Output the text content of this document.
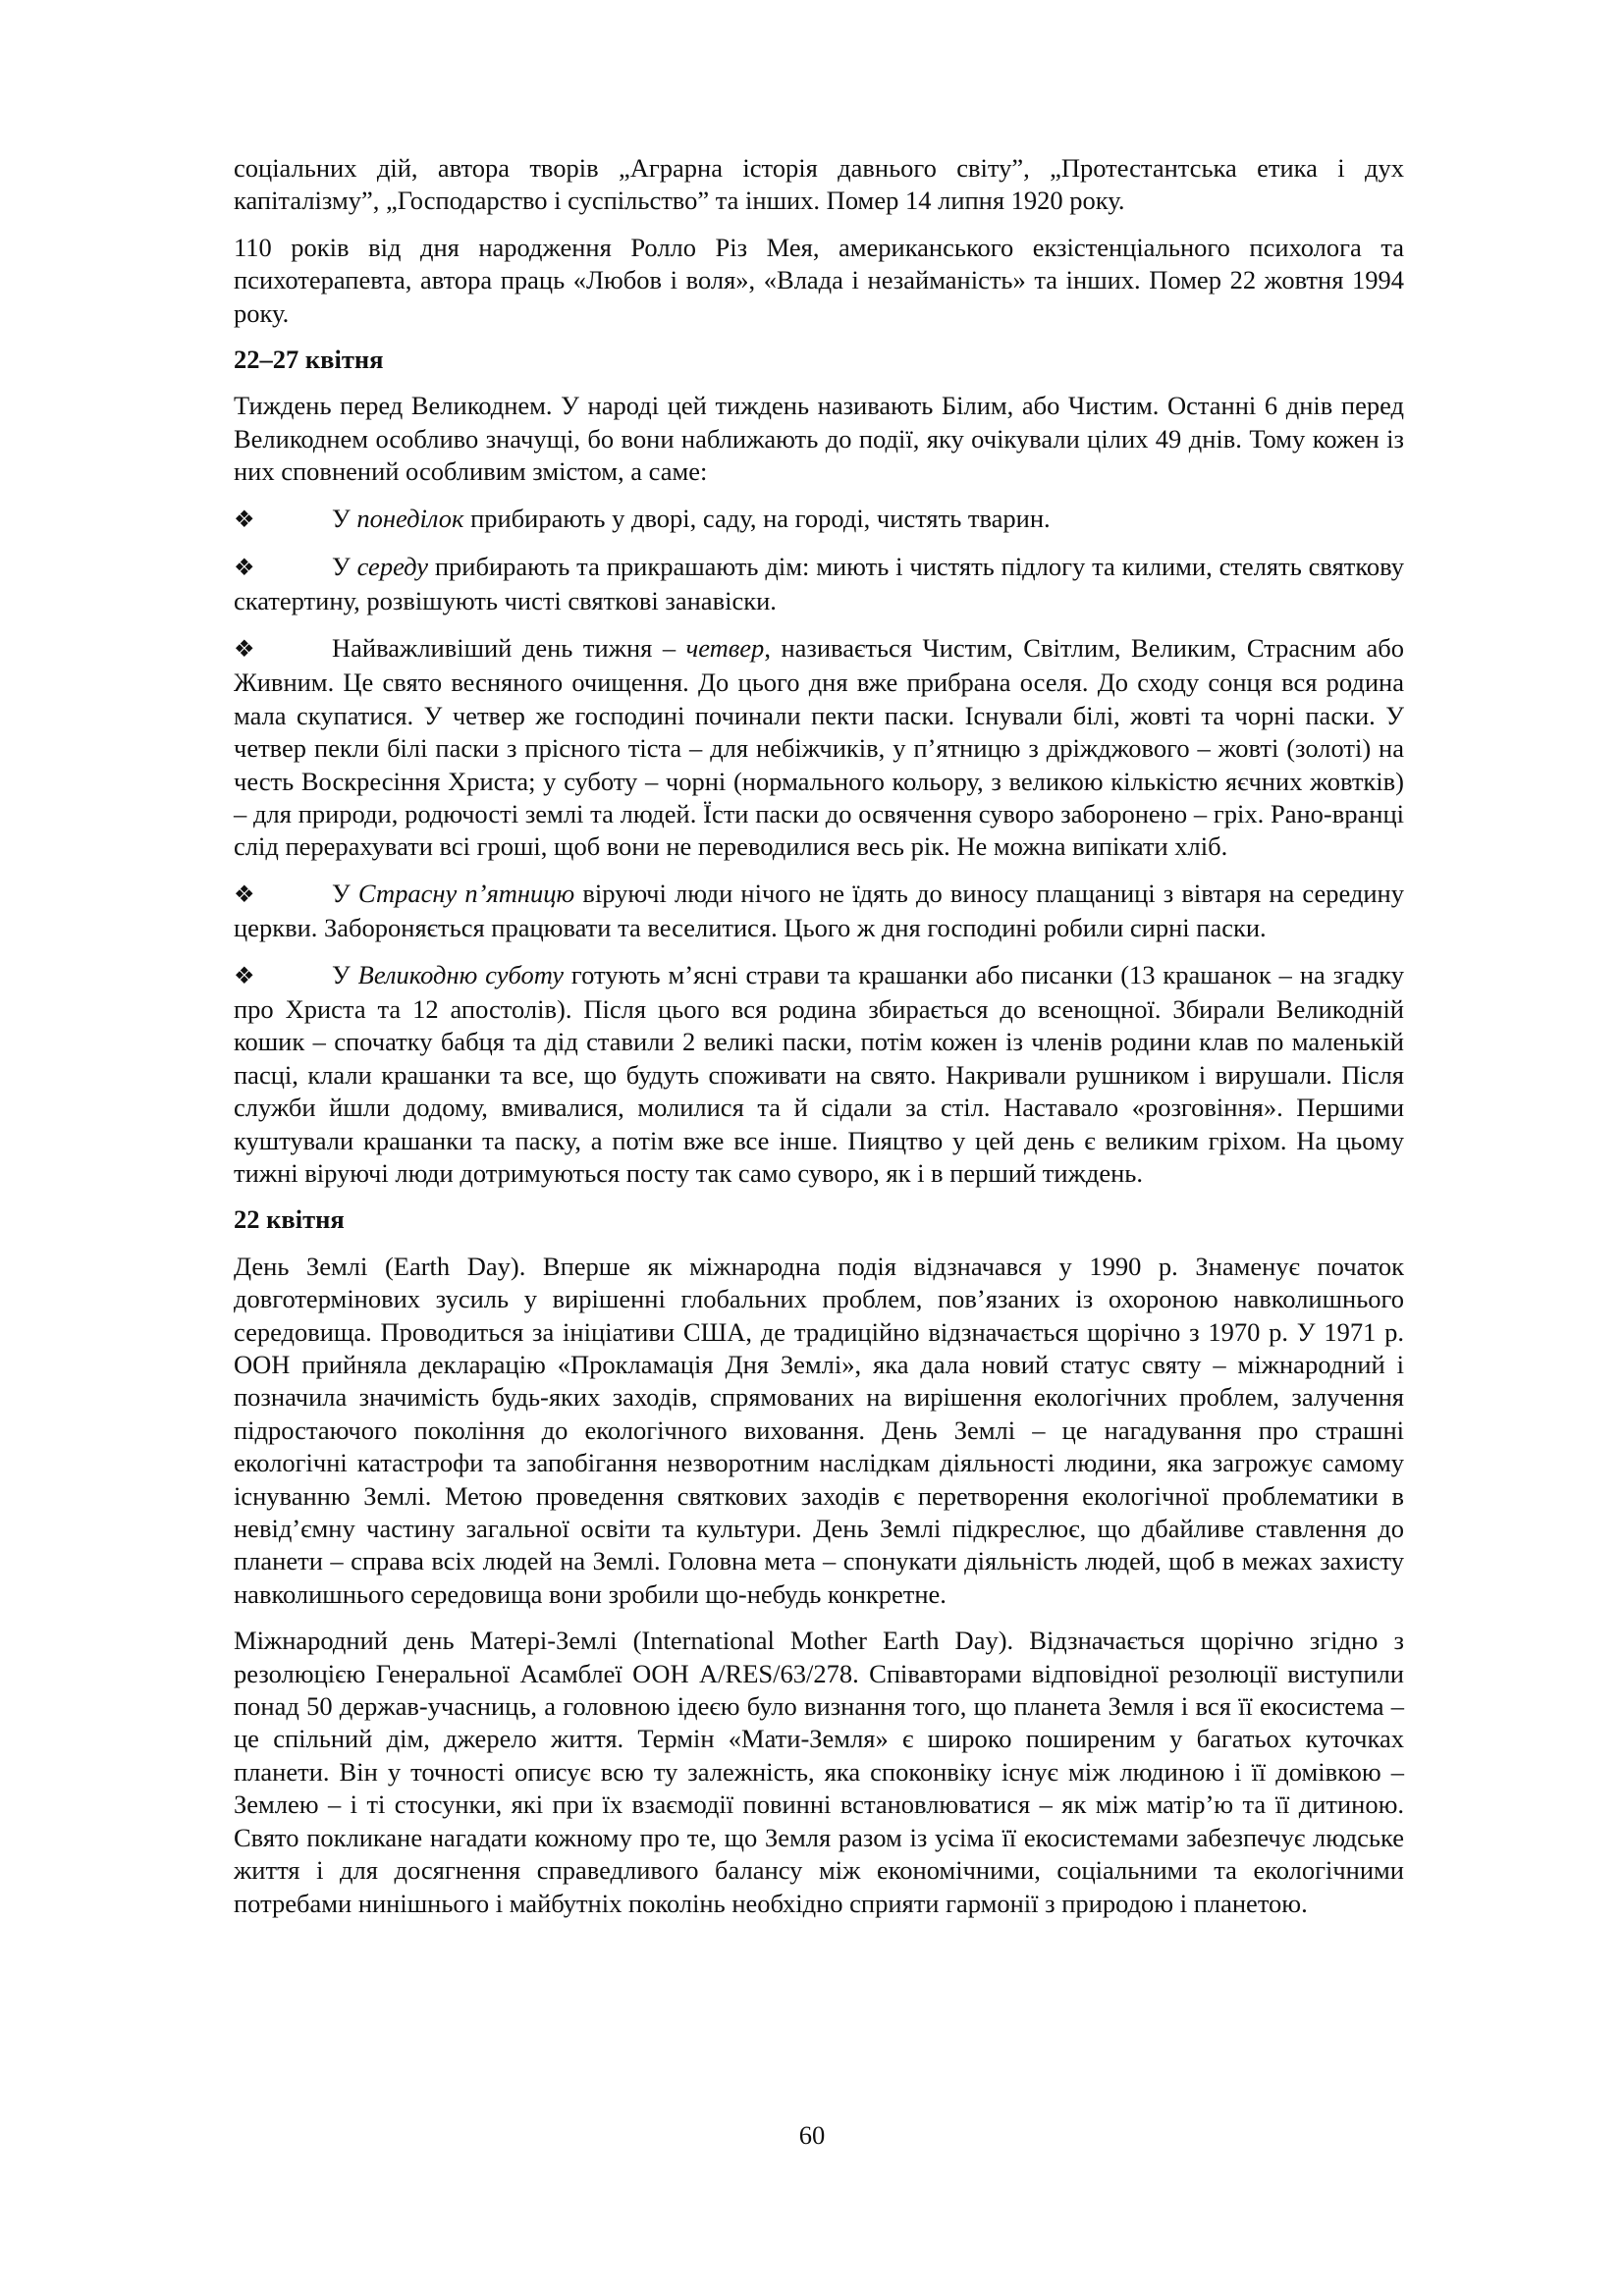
соціальних дій, автора творів „Аграрна історія давнього світу”, „Протестантська етика і дух капіталізму”, „Господарство і суспільство” та інших. Помер 14 липня 1920 року.

110 років від дня народження Ролло Різ Мея, американського екзістенціального психолога та психотерапевта, автора праць «Любов і воля», «Влада і незайманість» та інших. Помер 22 жовтня 1994 року.

22–27 квітня

Тиждень перед Великоднем. У народі цей тиждень називають Білим, або Чистим. Останні 6 днів перед Великоднем особливо значущі, бо вони наближають до події, яку очікували цілих 49 днів. Тому кожен із них сповнений особливим змістом, а саме:

❖	У понеділок прибирають у дворі, саду, на городі, чистять тварин.
❖	У середу прибирають та прикрашають дім: миють і чистять підлогу та килими, стелять святкову скатертину, розвішують чисті святкові занавіски.
❖	Найважливіший день тижня – четвер, називається Чистим, Світлим, Великим, Страсним або Живним. Це свято весняного очищення. До цього дня вже прибрана оселя. До сходу сонця вся родина мала скупатися. У четвер же господині починали пекти паски. Існували білі, жовті та чорні паски. У четвер пекли білі паски з прісного тіста – для небіжчиків, у п’ятницю з дріжджового – жовті (золоті) на честь Воскресіння Христа; у суботу – чорні (нормального кольору, з великою кількістю яєчних жовтків) – для природи, родючості землі та людей. Їсти паски до освячення суворо заборонено – гріх. Рано-вранці слід перерахувати всі гроші, щоб вони не переводилися весь рік. Не можна випікати хліб.
❖	У Страсну п’ятницю віруючі люди нічого не їдять до виносу плащаниці з вівтаря на середину церкви. Забороняється працювати та веселитися. Цього ж дня господині робили сирні паски.
❖	У Великодню суботу готують м’ясні страви та крашанки або писанки (13 крашанок – на згадку про Христа та 12 апостолів). Після цього вся родина збирається до всенощної. Збирали Великодній кошик – спочатку бабця та дід ставили 2 великі паски, потім кожен із членів родини клав по маленькій пасці, клали крашанки та все, що будуть споживати на свято. Накривали рушником і вирушали. Після служби йшли додому, вмивалися, молилися та й сідали за стіл. Наставало «розговіння». Першими куштували крашанки та паску, а потім вже все інше. Пияцтво у цей день є великим гріхом. На цьому тижні віруючі люди дотримуються посту так само суворо, як і в перший тиждень.
22 квітня

День Землі (Earth Day). Вперше як міжнародна подія відзначався у 1990 р. Знаменує початок довготермінових зусиль у вирішенні глобальних проблем, пов’язаних із охороною навколишнього середовища. Проводиться за ініціативи США, де традиційно відзначається щорічно з 1970 р. У 1971 р. ООН прийняла декларацію «Прокламація Дня Землі», яка дала новий статус святу – міжнародний і позначила значимість будь-яких заходів, спрямованих на вирішення екологічних проблем, залучення підростаючого покоління до екологічного виховання. День Землі – це нагадування про страшні екологічні катастрофи та запобігання незворотним наслідкам діяльності людини, яка загрожує самому існуванню Землі. Метою проведення святкових заходів є перетворення екологічної проблематики в невід’ємну частину загальної освіти та культури. День Землі підкреслює, що дбайливе ставлення до планети – справа всіх людей на Землі. Головна мета – спонукати діяльність людей, щоб в межах захисту навколишнього середовища вони зробили що-небудь конкретне.

Міжнародний день Матері-Землі (International Mother Earth Day). Відзначається щорічно згідно з резолюцією Генеральної Асамблеї ООН A/RES/63/278. Співавторами відповідної резолюції виступили понад 50 держав-учасниць, а головною ідеєю було визнання того, що планета Земля і вся її екосистема – це спільний дім, джерело життя. Термін «Мати-Земля» є широко поширеним у багатьох куточках планети. Він у точності описує всю ту залежність, яка споконвіку існує між людиною і її домівкою – Землею – і ті стосунки, які при їх взаємодії повинні встановлюватися – як між матір’ю та її дитиною. Свято покликане нагадати кожному про те, що Земля разом із усіма її екосистемами забезпечує людське життя і для досягнення справедливого балансу між економічними, соціальними та екологічними потребами нинішнього і майбутніх поколінь необхідно сприяти гармонії з природою і планетою.

60
